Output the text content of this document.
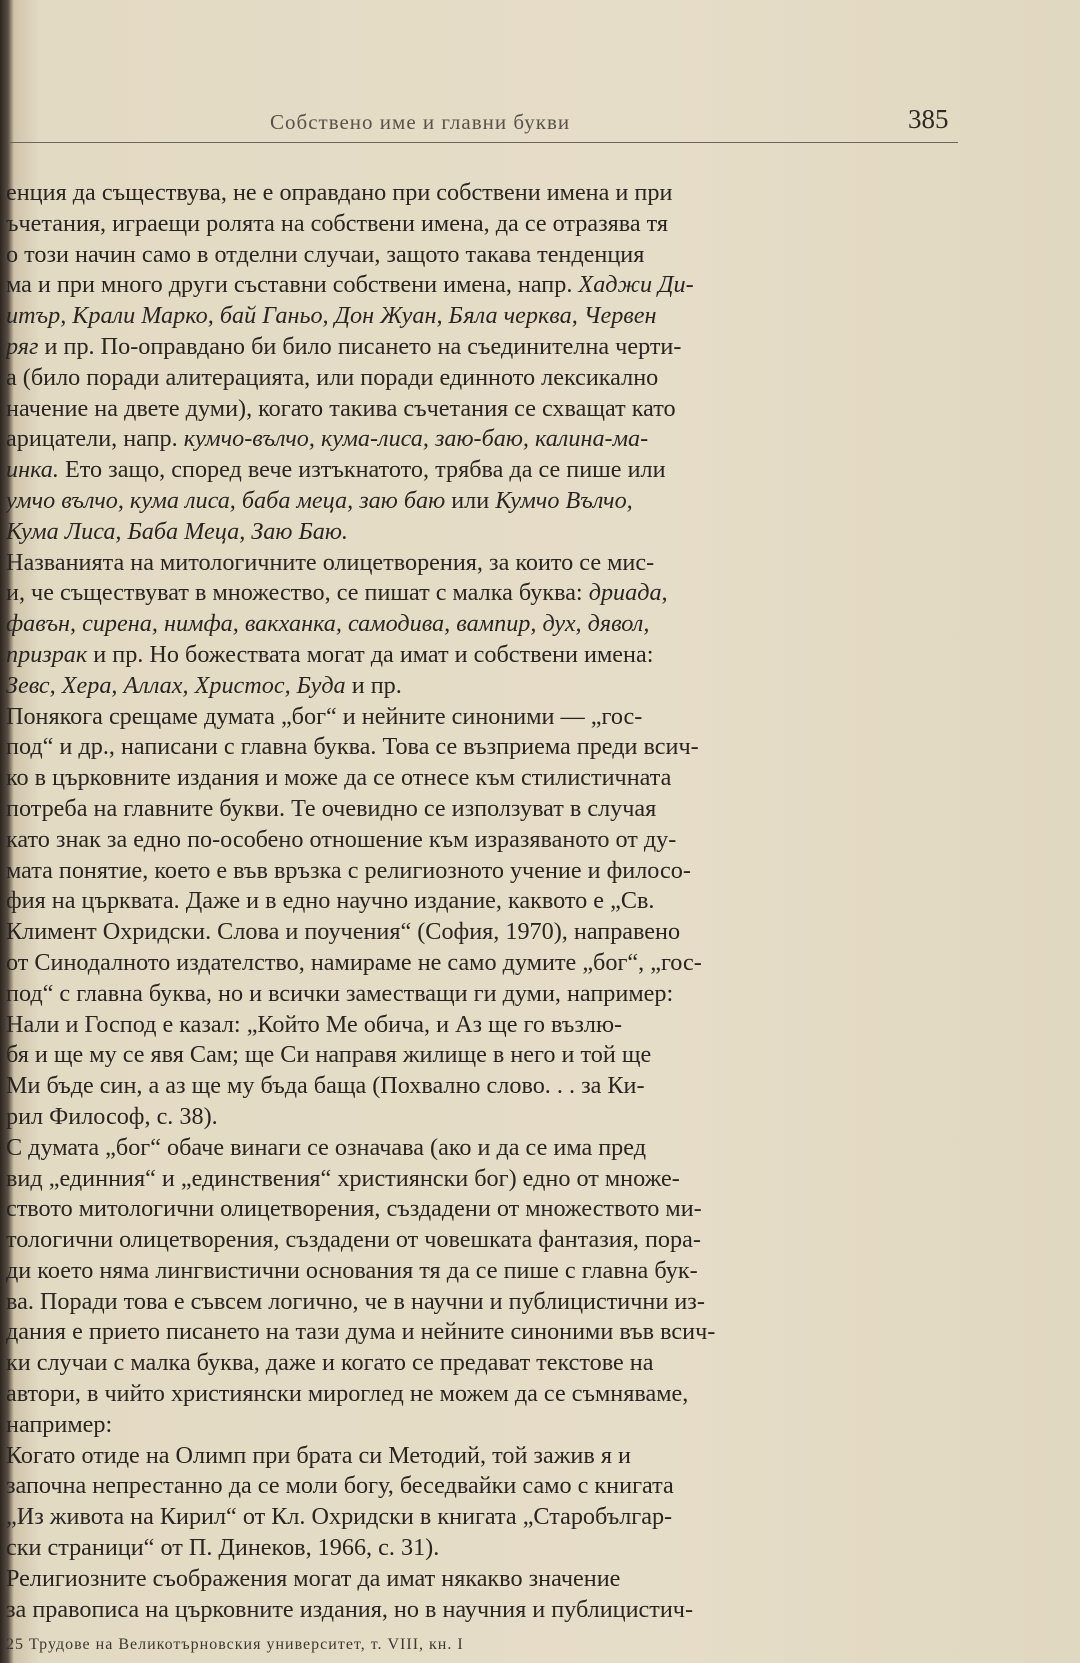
Собствено име и главни букви	385
енция да съществува, не е оправдано при собствени имена и при
ъчетания, играещи ролята на собствени имена, да се отразява тя
о този начин само в отделни случаи, защото такава тенденция
ма и при много други съставни собствени имена, напр. Хаджи Ди-
итър, Крали Марко, бай Ганьо, Дон Жуан, Бяла черква, Червен
ряг и пр. По-оправдано би било писането на съединителна черти-
а (било поради алитерацията, или поради единното лексикално
начение на двете думи), когато такива съчетания се схващат като
арицатели, напр. кумчо-вълчо, кума-лиса, заю-баю, калина-ма-
инка. Ето защо, според вече изтъкнатото, трябва да се пише или
умчо вълчо, кума лиса, баба меца, заю баю или Кумчо Вълчо,
Кума Лиса, Баба Меца, Заю Баю.
Названията на митологичните олицетворения, за които се мис-
и, че съществуват в множество, се пишат с малка буква: дриада,
фавън, сирена, нимфа, вакханка, самодива, вампир, дух, дявол,
призрак и пр. Но божествата могат да имат и собствени имена:
Зевс, Хера, Аллах, Христос, Буда и пр.
Понякога срещаме думата „бог“ и нейните синоними — „гос-
под“ и др., написани с главна буква. Това се възприема преди всич-
ко в църковните издания и може да се отнесе към стилистичната
потреба на главните букви. Те очевидно се използуват в случая
като знак за едно по-особено отношение към изразяваното от ду-
мата понятие, което е във връзка с религиозното учение и филосо-
фия на църквата. Даже и в едно научно издание, каквото е „Св.
Климент Охридски. Слова и поучения“ (София, 1970), направено
от Синодалното издателство, намираме не само думите „бог“, „гос-
под“ с главна буква, но и всички заместващи ги думи, например:
Нали и Господ е казал: „Който Ме обича, и Аз ще го възлю-
бя и ще му се явя Сам; ще Си направя жилище в него и той ще
Ми бъде син, а аз ще му бъда баща (Похвално слово. . . за Ки-
рил Философ, с. 38).
С думата „бог“ обаче винаги се означава (ако и да се има пред
вид „единния“ и „единствения“ християнски бог) едно от множе-
ството митологични олицетворения, създадени от множеството ми-
тологични олицетворения, създадени от човешката фантазия, пора-
ди което няма лингвистични основания тя да се пише с главна бук-
ва. Поради това е съвсем логично, че в научни и публицистични из-
дания е прието писането на тази дума и нейните синоними във всич-
ки случаи с малка буква, даже и когато се предават текстове на
автори, в чийто християнски мироглед не можем да се съмняваме,
например:
Когато отиде на Олимп при брата си Методий, той зажив я и
започна непрестанно да се моли богу, беседвайки само с книгата
„Из живота на Кирил“ от Кл. Охридски в книгата „Старобългар-
ски страници“ от П. Динеков, 1966, с. 31).
Религиозните съображения могат да имат някакво значение
за правописа на църковните издания, но в научния и публицистич-
25 Трудове на Великотърновския университет, т. VIII, кн. I
